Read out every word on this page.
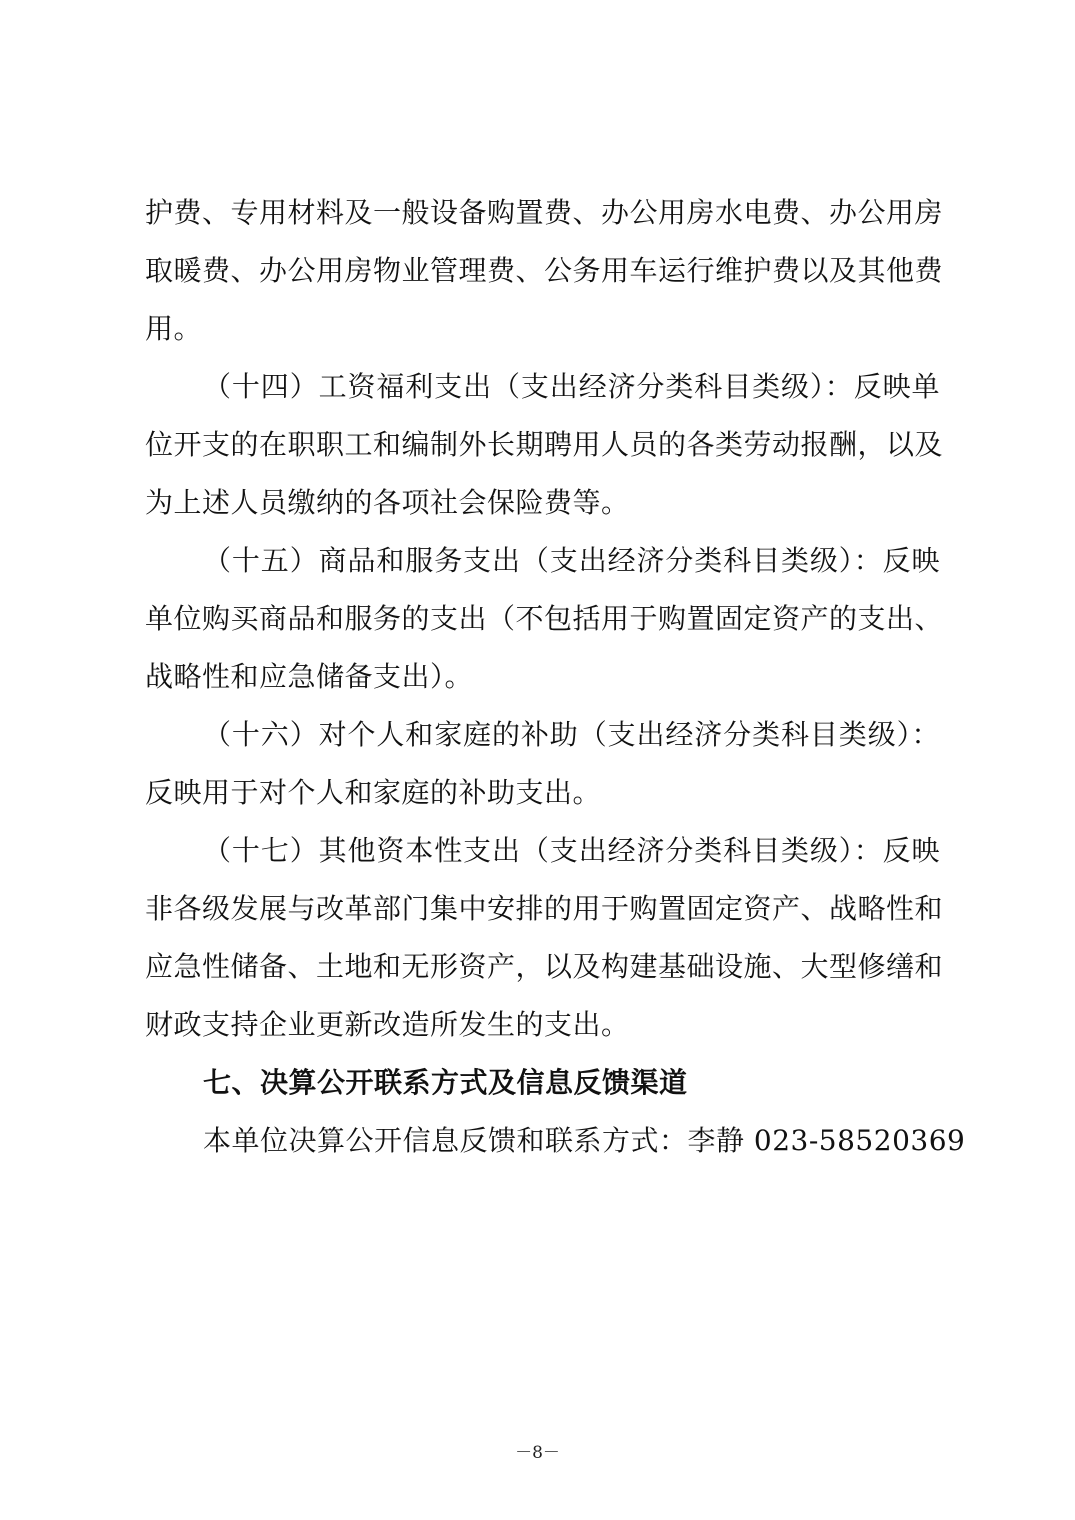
护费、专用材料及一般设备购置费、办公用房水电费、办公用房
取暖费、办公用房物业管理费、公务用车运行维护费以及其他费
用。
（十四）工资福利支出（支出经济分类科目类级）：反映单
位开支的在职职工和编制外长期聘用人员的各类劳动报酬，以及
为上述人员缴纳的各项社会保险费等。
（十五）商品和服务支出（支出经济分类科目类级）：反映
单位购买商品和服务的支出（不包括用于购置固定资产的支出、
战略性和应急储备支出）。
（十六）对个人和家庭的补助（支出经济分类科目类级）：
反映用于对个人和家庭的补助支出。
（十七）其他资本性支出（支出经济分类科目类级）：反映
非各级发展与改革部门集中安排的用于购置固定资产、战略性和
应急性储备、土地和无形资产，以及构建基础设施、大型修缮和
财政支持企业更新改造所发生的支出。
七、决算公开联系方式及信息反馈渠道
本单位决算公开信息反馈和联系方式：李静 023-58520369
－8－
